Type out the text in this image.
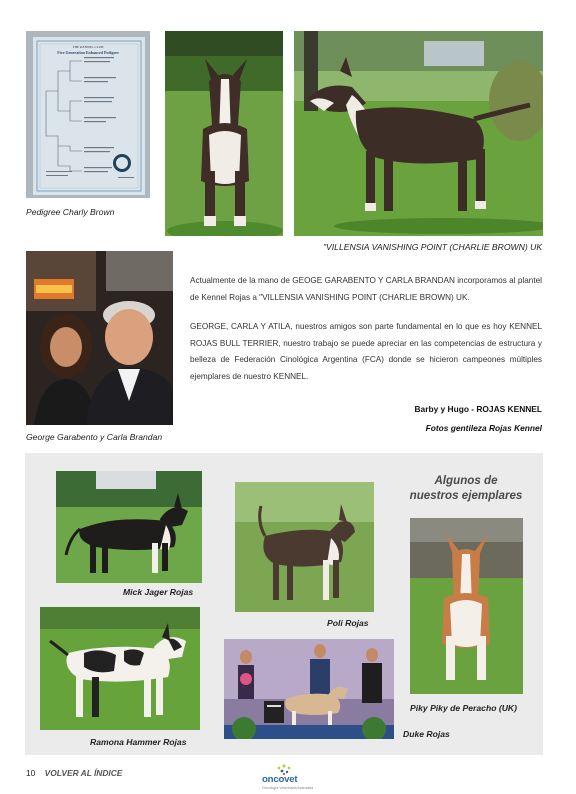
THE KENNEL CLUB
Five Generation Enhanced Pedigree
Pedigree Charly Brown
"VILLENSIA VANISHING POINT (CHARLIE BROWN) UK
George Garabento y Carla Brandan

Actualmente de la mano de GEOGE GARABENTO Y CARLA BRANDAN incorporamos al plantel de Kennel Rojas a "VILLENSIA VANISHING POINT (CHARLIE BROWN) UK.

GEORGE, CARLA Y ATILA, nuestros amigos son parte fundamental en lo que es hoy KENNEL ROJAS BULL TERRIER, nuestro trabajo se puede apreciar en las competencias de estructura y belleza de Federación Cinológica Argentina (FCA) donde se hicieron campeones múltiples ejemplares de nuestro KENNEL.

Barby y Hugo - ROJAS KENNEL
Fotos gentileza Rojas Kennel
Algunos de
nuestros ejemplares
Mick Jager Rojas
Poli Rojas
Piky Piky de Peracho (UK)
Ramona Hammer Rojas
Duke Rojas
10 VOLVER AL ÍNDICE
oncovet
Oncología Veterinaria Avanzada
